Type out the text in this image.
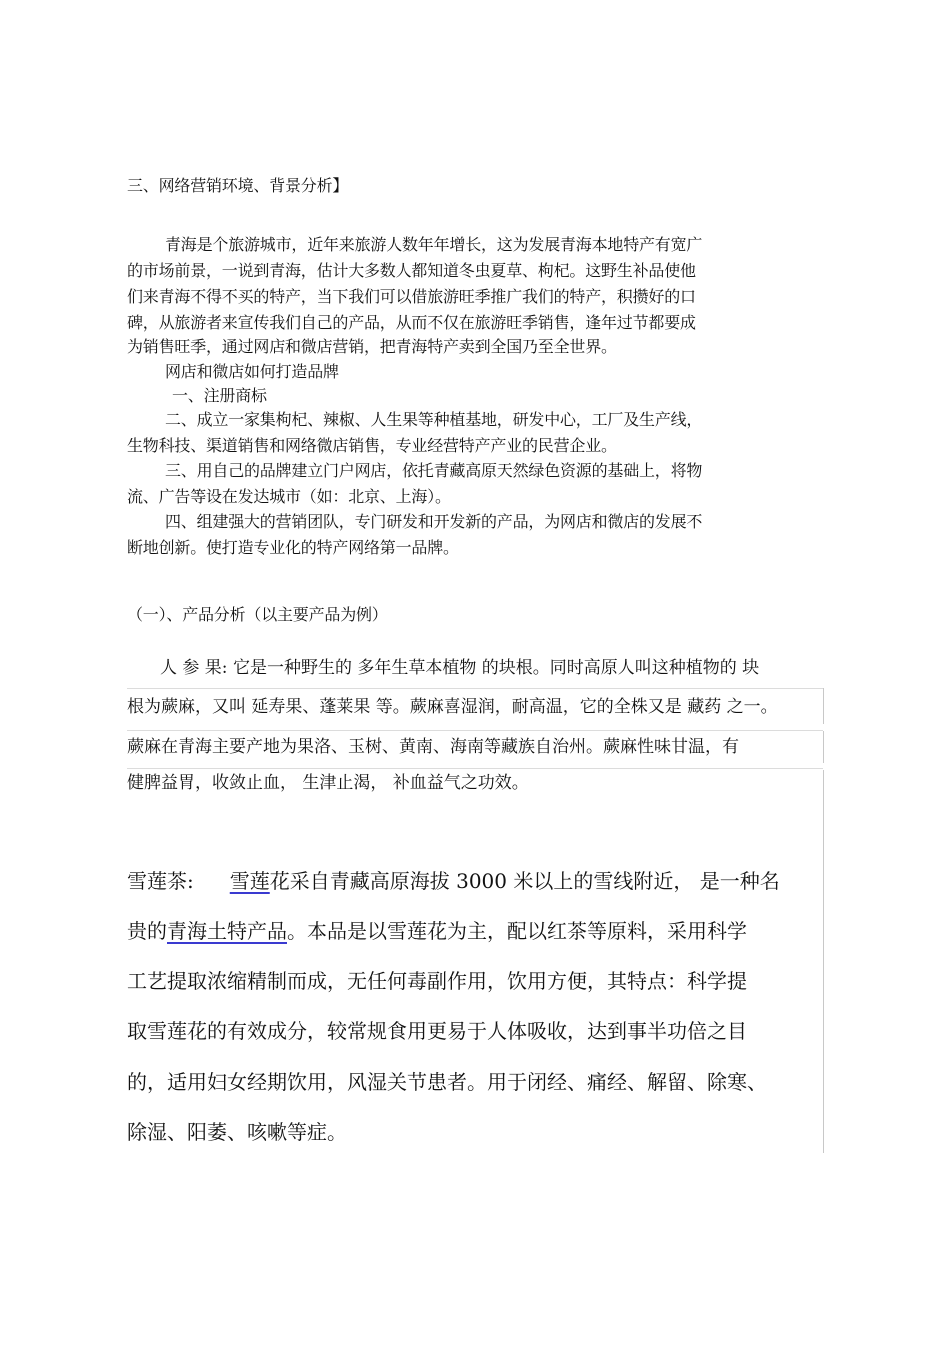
三、网络营销环境、背景分析】
青海是个旅游城市，近年来旅游人数年年增长，这为发展青海本地特产有宽广
的市场前景，一说到青海，估计大多数人都知道冬虫夏草、枸杞。这野生补品使他
们来青海不得不买的特产，当下我们可以借旅游旺季推广我们的特产，积攒好的口
碑，从旅游者来宣传我们自己的产品，从而不仅在旅游旺季销售，逢年过节都要成
为销售旺季，通过网店和微店营销，把青海特产卖到全国乃至全世界。
网店和微店如何打造品牌
一、注册商标
二、成立一家集枸杞、辣椒、人生果等种植基地，研发中心，工厂及生产线，
生物科技、渠道销售和网络微店销售，专业经营特产产业的民营企业。
三、用自己的品牌建立门户网店，依托青藏高原天然绿色资源的基础上，将物
流、广告等设在发达城市（如：北京、上海）。
四、组建强大的营销团队，专门研发和开发新的产品，为网店和微店的发展不
断地创新。使打造专业化的特产网络第一品牌。
（一）、产品分析（以主要产品为例）
人 参 果: 它是一种野生的 多年生草本植物 的块根。同时高原人叫这种植物的 块
根为蕨麻，又叫 延寿果、蓬莱果 等。蕨麻喜湿润，耐高温，它的全株又是 藏药 之一。
蕨麻在青海主要产地为果洛、玉树、黄南、海南等藏族自治州。蕨麻性味甘温，有
健脾益胃，收敛止血， 生津止渴， 补血益气之功效。
雪莲茶: 雪莲花采自青藏高原海拔 3000 米以上的雪线附近， 是一种名
贵的青海土特产品。本品是以雪莲花为主，配以红茶等原料，采用科学
工艺提取浓缩精制而成，无任何毒副作用，饮用方便，其特点：科学提
取雪莲花的有效成分，较常规食用更易于人体吸收，达到事半功倍之目
的，适用妇女经期饮用，风湿关节患者。用于闭经、痛经、解留、除寒、
除湿、阳萎、咳嗽等症。
